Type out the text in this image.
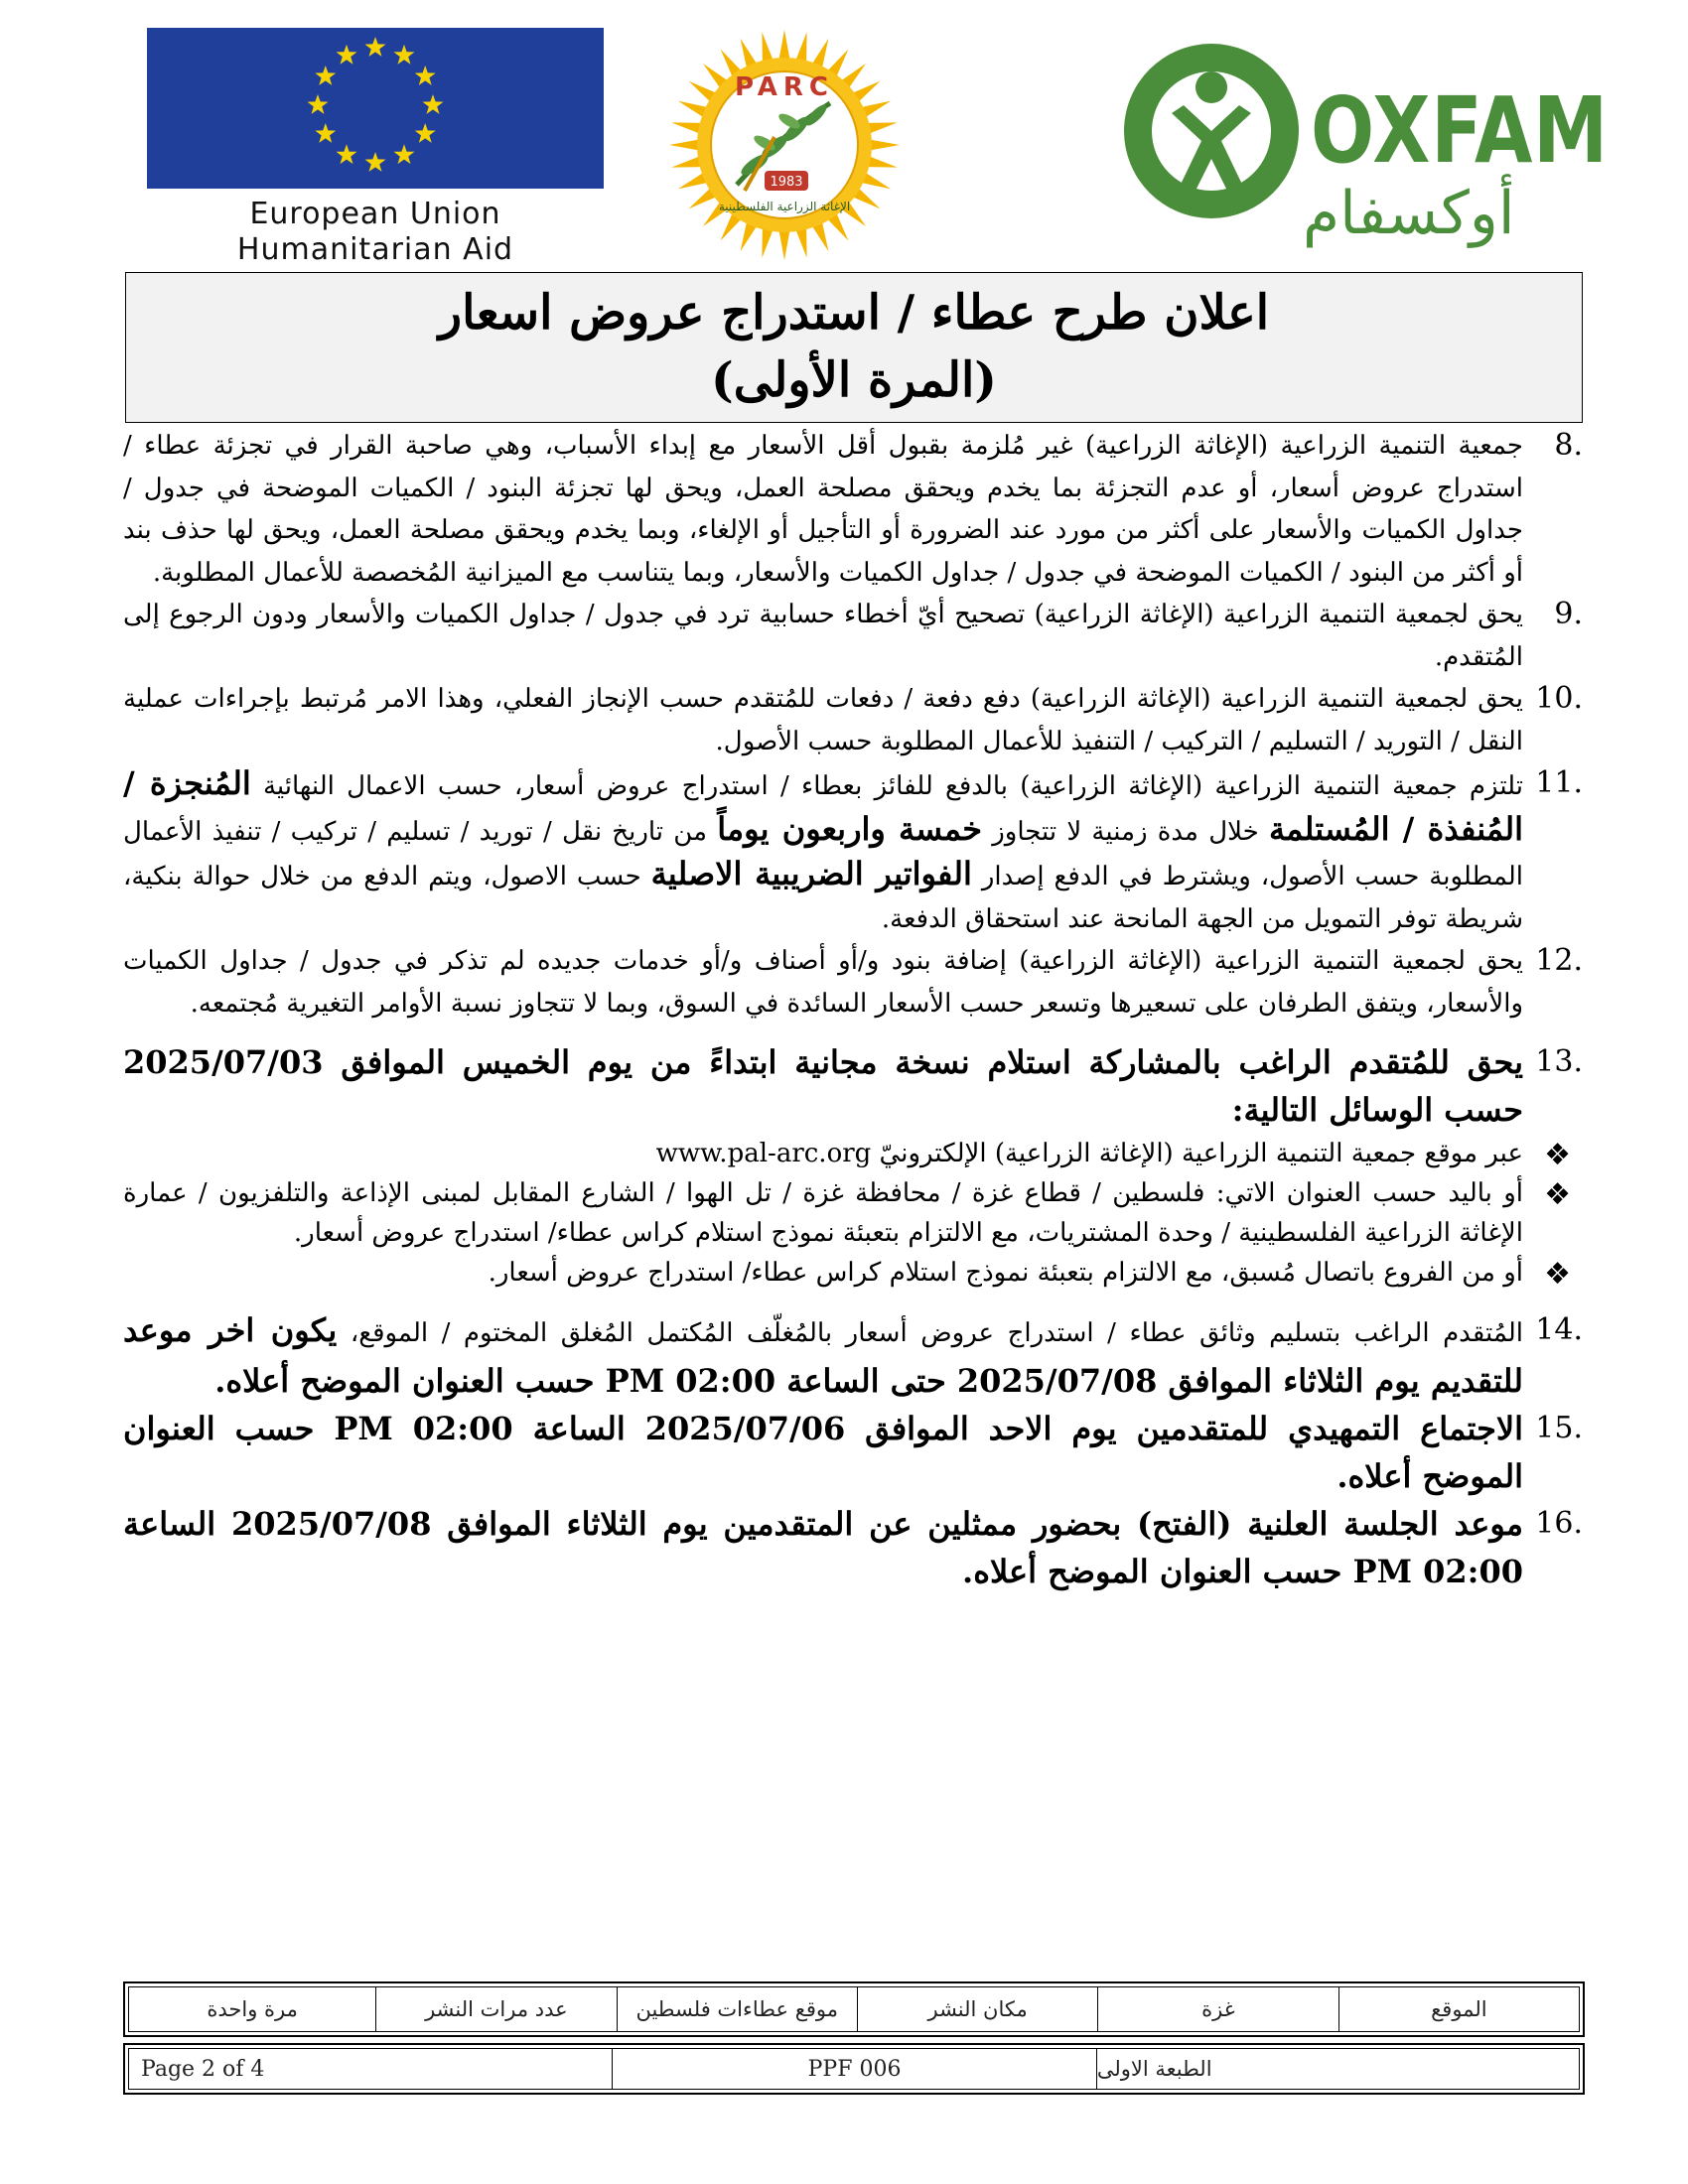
European Union
Humanitarian Aid
1983
PARC
الإغاثة الزراعية الفلسطينية
OXFAM
أوكسفام
اعلان طرح عطاء / استدراج عروض اسعار
(المرة الأولى)
8.
جمعية التنمية الزراعية (الإغاثة الزراعية) غير مُلزمة بقبول أقل الأسعار مع إبداء الأسباب، وهي صاحبة القرار في تجزئة عطاء / استدراج عروض أسعار، أو عدم التجزئة بما يخدم ويحقق مصلحة العمل، ويحق لها تجزئة البنود / الكميات الموضحة في جدول / جداول الكميات والأسعار على أكثر من مورد عند الضرورة أو التأجيل أو الإلغاء، وبما يخدم ويحقق مصلحة العمل، ويحق لها حذف بند أو أكثر من البنود / الكميات الموضحة في جدول / جداول الكميات والأسعار، وبما يتناسب مع الميزانية المُخصصة للأعمال المطلوبة.
9.
يحق لجمعية التنمية الزراعية (الإغاثة الزراعية) تصحيح أيّ أخطاء حسابية ترد في جدول / جداول الكميات والأسعار ودون الرجوع إلى المُتقدم.
10.
يحق لجمعية التنمية الزراعية (الإغاثة الزراعية) دفع دفعة / دفعات للمُتقدم حسب الإنجاز الفعلي، وهذا الامر مُرتبط بإجراءات عملية النقل / التوريد / التسليم / التركيب / التنفيذ للأعمال المطلوبة حسب الأصول.
11.
تلتزم جمعية التنمية الزراعية (الإغاثة الزراعية) بالدفع للفائز بعطاء / استدراج عروض أسعار، حسب الاعمال النهائية المُنجزة / المُنفذة / المُستلمة خلال مدة زمنية لا تتجاوز خمسة واربعون يوماً من تاريخ نقل / توريد / تسليم / تركيب / تنفيذ الأعمال المطلوبة حسب الأصول، ويشترط في الدفع إصدار الفواتير الضريبية الاصلية حسب الاصول، ويتم الدفع من خلال حوالة بنكية، شريطة توفر التمويل من الجهة المانحة عند استحقاق الدفعة.
12.
يحق لجمعية التنمية الزراعية (الإغاثة الزراعية) إضافة بنود و/أو أصناف و/أو خدمات جديده لم تذكر في جدول / جداول الكميات والأسعار، ويتفق الطرفان على تسعيرها وتسعر حسب الأسعار السائدة في السوق، وبما لا تتجاوز نسبة الأوامر التغيرية مُجتمعه.
13.
يحق للمُتقدم الراغب بالمشاركة استلام نسخة مجانية ابتداءً من يوم الخميس الموافق 2025/07/03 حسب الوسائل التالية:
❖
عبر موقع جمعية التنمية الزراعية (الإغاثة الزراعية) الإلكترونيّ www.pal-arc.org
❖
أو باليد حسب العنوان الاتي: فلسطين / قطاع غزة / محافظة غزة / تل الهوا / الشارع المقابل لمبنى الإذاعة والتلفزيون / عمارة الإغاثة الزراعية الفلسطينية / وحدة المشتريات، مع الالتزام بتعبئة نموذج استلام كراس عطاء/ استدراج عروض أسعار.
❖
أو من الفروع باتصال مُسبق، مع الالتزام بتعبئة نموذج استلام كراس عطاء/ استدراج عروض أسعار.
14.
المُتقدم الراغب بتسليم وثائق عطاء / استدراج عروض أسعار بالمُغلّف المُكتمل المُغلق المختوم / الموقع، يكون اخر موعد للتقديم يوم الثلاثاء الموافق 2025/07/08 حتى الساعة 02:00 PM حسب العنوان الموضح أعلاه.
15.
الاجتماع التمهيدي للمتقدمين يوم الاحد الموافق 2025/07/06 الساعة 02:00 PM حسب العنوان الموضح أعلاه.
16.
موعد الجلسة العلنية (الفتح) بحضور ممثلين عن المتقدمين يوم الثلاثاء الموافق 2025/07/08 الساعة 02:00 PM حسب العنوان الموضح أعلاه.
الموقع
غزة
مكان النشر
موقع عطاءات فلسطين
عدد مرات النشر
مرة واحدة
الطبعة الاولى
PPF 006
Page 2 of 4
